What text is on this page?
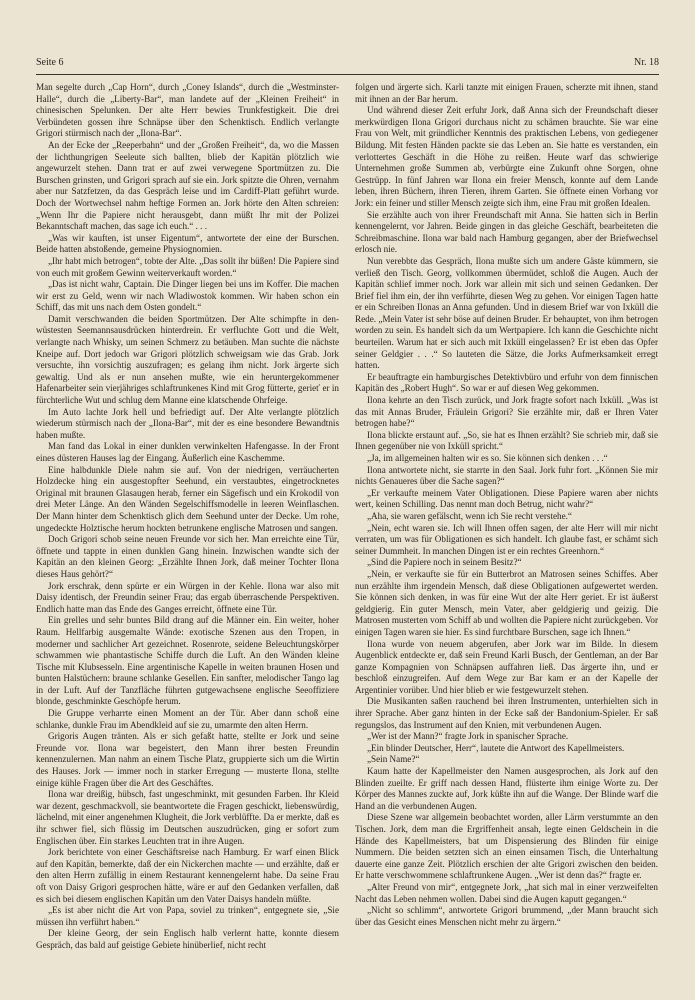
Seite 6	Nr. 18

Man segelte durch „Cap Horn“, durch „Coney Islands“, durch die „Westminster-Halle“, durch die „Liberty-Bar“, man landete auf der „Kleinen Freiheit“ in chinesischen Spelunken. Der alte Herr bewies Trunkfestigkeit. Die drei Verbündeten gossen ihre Schnäpse über den Schenktisch. Endlich verlangte Grigori stürmisch nach der „Ilona-Bar“.

An der Ecke der „Reeperbahn“ und der „Großen Freiheit“, da, wo die Massen der lichthungrigen Seeleute sich ballten, blieb der Kapitän plötzlich wie angewurzelt stehen. Dann trat er auf zwei verwegene Sportmützen zu. Die Burschen grinsten, und Grigori sprach auf sie ein. Jork spitzte die Ohren, vernahm aber nur Satzfetzen, da das Gespräch leise und im Cardiff-Platt geführt wurde. Doch der Wortwechsel nahm heftige Formen an. Jork hörte den Alten schreien: „Wenn Ihr die Papiere nicht herausgebt, dann müßt Ihr mit der Polizei Bekanntschaft machen, das sage ich euch.“ . . .

„Was wir kauften, ist unser Eigentum“, antwortete der eine der Burschen. Beide hatten abstoßende, gemeine Physiognomien.

„Ihr habt mich betrogen“, tobte der Alte. „Das sollt ihr büßen! Die Papiere sind von euch mit großem Gewinn weiterverkauft worden.“

„Das ist nicht wahr, Captain. Die Dinger liegen bei uns im Koffer. Die machen wir erst zu Geld, wenn wir nach Wladiwostok kommen. Wir haben schon ein Schiff, das mit uns nach dem Osten gondelt.“

Damit verschwanden die beiden Sportmützen. Der Alte schimpfte in den-wüstesten Seemannsausdrücken hinterdrein. Er verfluchte Gott und die Welt, verlangte nach Whisky, um seinen Schmerz zu betäuben. Man suchte die nächste Kneipe auf. Dort jedoch war Grigori plötzlich schweigsam wie das Grab. Jork versuchte, ihn vorsichtig auszufragen; es gelang ihm nicht. Jork ärgerte sich gewaltig. Und als er nun ansehen mußte, wie ein heruntergekommener Hafenarbeiter sein vierjähriges schlaftrunkenes Kind mit Grog fütterte, gerieť er in fürchterliche Wut und schlug dem Manne eine klatschende Ohrfeige.

Im Auto lachte Jork hell und befriedigt auf. Der Alte verlangte plötzlich wiederum stürmisch nach der „Ilona-Bar“, mit der es eine besondere Bewandtnis haben mußte.

Man fand das Lokal in einer dunklen verwinkelten Hafengasse. In der Front eines düsteren Hauses lag der Eingang. Äußerlich eine Kaschemme.

Eine halbdunkle Diele nahm sie auf. Von der niedrigen, verräucherten Holzdecke hing ein ausgestopfter Seehund, ein verstaubtes, eingetrocknetes Original mit braunen Glasaugen herab, ferner ein Sägefisch und ein Krokodil von drei Meter Länge. An den Wänden Segelschiffsmodelle in leeren Weinflaschen. Der Mann hinter dem Schenktisch glich dem Seehund unter der Decke. Um rohe, ungedeckte Holztische herum hockten betrunkene englische Matrosen und sangen.

Doch Grigori schob seine neuen Freunde vor sich her. Man erreichte eine Tür, öffnete und tappte in einen dunklen Gang hinein. Inzwischen wandte sich der Kapitän an den kleinen Georg: „Erzählte Ihnen Jork, daß meiner Tochter Ilona dieses Haus gehört?“

Jork erschrak, denn spürte er ein Würgen in der Kehle. Ilona war also mit Daisy identisch, der Freundin seiner Frau; das ergab überraschende Perspektiven. Endlich hatte man das Ende des Ganges erreicht, öffnete eine Tür.

Ein grelles und sehr buntes Bild drang auf die Männer ein. Ein weiter, hoher Raum. Hellfarbig ausgemalte Wände: exotische Szenen aus den Tropen, in moderner und sachlicher Art gezeichnet. Rosenrote, seidene Beleuchtungskörper schwammen wie phantastische Schiffe durch die Luft. An den Wänden kleine Tische mit Klubsesseln. Eine argentinische Kapelle in weiten braunen Hosen und bunten Halstüchern: braune schlanke Gesellen. Ein sanfter, melodischer Tango lag in der Luft. Auf der Tanzfläche führten gutgewachsene englische Seeoffiziere blonde, geschminkte Geschöpfe herum.

Die Gruppe verharrte einen Moment an der Tür. Aber dann schoß eine schlanke, dunkle Frau im Abendkleid auf sie zu, umarmte den alten Herrn.

Grigoris Augen tränten. Als er sich gefaßt hatte, stellte er Jork und seine Freunde vor. Ilona war begeistert, den Mann ihrer besten Freundin kennenzulernen. Man nahm an einem Tische Platz, gruppierte sich um die Wirtin des Hauses. Jork — immer noch in starker Erregung — musterte Ilona, stellte einige kühle Fragen über die Art des Geschäftes.

Ilona war dreißig, hübsch, fast ungeschminkt, mit gesunden Farben. Ihr Kleid war dezent, geschmackvoll, sie beantwortete die Fragen geschickt, liebenswürdig, lächelnd, mit einer angenehmen Klugheit, die Jork verblüffte. Da er merkte, daß es ihr schwer fiel, sich flüssig im Deutschen auszudrücken, ging er sofort zum Englischen über. Ein starkes Leuchten trat in ihre Augen.

Jork berichtete von einer Geschäftsreise nach Hamburg. Er warf einen Blick auf den Kapitän, bemerkte, daß der ein Nickerchen machte — und erzählte, daß er den alten Herrn zufällig in einem Restaurant kennengelernt habe. Da seine Frau oft von Daisy Grigori gesprochen hätte, wäre er auf den Gedanken verfallen, daß es sich bei diesem englischen Kapitän um den Vater Daisys handeln müßte.

„Es ist aber nicht die Art von Papa, soviel zu trinken“, entgegnete sie, „Sie müssen ihn verführt haben.“

Der kleine Georg, der sein Englisch halb verlernt hatte, konnte diesem Gespräch, das bald auf geistige Gebiete hinüberlief, nicht recht

folgen und ärgerte sich. Karli tanzte mit einigen Frauen, scherzte mit ihnen, stand mit ihnen an der Bar herum.

Und während dieser Zeit erfuhr Jork, daß Anna sich der Freundschaft dieser merkwürdigen Ilona Grigori durchaus nicht zu schämen brauchte. Sie war eine Frau von Welt, mit gründlicher Kenntnis des praktischen Lebens, von gediegener Bildung. Mit festen Händen packte sie das Leben an. Sie hatte es verstanden, ein verlottertes Geschäft in die Höhe zu reißen. Heute warf das schwierige Unternehmen große Summen ab, verbürgte eine Zukunft ohne Sorgen, ohne Gestrüpp. In fünf Jahren war Ilona ein freier Mensch, konnte auf dem Lande leben, ihren Büchern, ihren Tieren, ihrem Garten. Sie öffnete einen Vorhang vor Jork: ein feiner und stiller Mensch zeigte sich ihm, eine Frau mit großen Idealen.

Sie erzählte auch von ihrer Freundschaft mit Anna. Sie hatten sich in Berlin kennengelernt, vor Jahren. Beide gingen in das gleiche Geschäft, bearbeiteten die Schreibmaschine. Ilona war bald nach Hamburg gegangen, aber der Briefwechsel erlosch nie.

Nun verebbte das Gespräch, Ilona mußte sich um andere Gäste kümmern, sie verließ den Tisch. Georg, vollkommen übermüdet, schloß die Augen. Auch der Kapitän schlief immer noch. Jork war allein mit sich und seinen Gedanken. Der Brief fiel ihm ein, der ihn verführte, diesen Weg zu gehen. Vor einigen Tagen hatte er ein Schreiben Ilonas an Anna gefunden. Und in diesem Brief war von Ixküll die Rede. „Mein Vater ist sehr böse auf deinen Bruder. Er behauptet, von ihm betrogen worden zu sein. Es handelt sich da um Wertpapiere. Ich kann die Geschichte nicht beurteilen. Warum hat er sich auch mit Ixküll eingelassen? Er ist eben das Opfer seiner Geldgier . . .“ So lauteten die Sätze, die Jorks Aufmerksamkeit erregt hatten.

Er beauftragte ein hamburgisches Detektivbüro und erfuhr von dem finnischen Kapitän des „Robert Hugh“. So war er auf diesen Weg gekommen.

Ilona kehrte an den Tisch zurück, und Jork fragte sofort nach Ixküll. „Was ist das mit Annas Bruder, Fräulein Grigori? Sie erzählte mir, daß er Ihren Vater betrogen habe?“

Ilona blickte erstaunt auf. „So, sie hat es Ihnen erzählt? Sie schrieb mir, daß sie Ihnen gegenüber nie von Ixküll spricht.“

„Ja, im allgemeinen halten wir es so. Sie können sich denken . . .“

Ilona antwortete nicht, sie starrte in den Saal. Jork fuhr fort. „Können Sie mir nichts Genaueres über die Sache sagen?“

„Er verkaufte meinem Vater Obligationen. Diese Papiere waren aber nichts wert, keinen Schilling. Das nennt man doch Betrug, nicht wahr?“

„Aha, sie waren gefälscht, wenn ich Sie recht verstehe.“

„Nein, echt waren sie. Ich will Ihnen offen sagen, der alte Herr will mir nicht verraten, um was für Obligationen es sich handelt. Ich glaube fast, er schämt sich seiner Dummheit. In manchen Dingen ist er ein rechtes Greenhorn.“

„Sind die Papiere noch in seinem Besitz?“

„Nein, er verkaufte sie für ein Butterbrot an Matrosen seines Schiffes. Aber nun erzählte ihm irgendein Mensch, daß diese Obligationen aufgewertet werden. Sie können sich denken, in was für eine Wut der alte Herr geriet. Er ist äußerst geldgierig. Ein guter Mensch, mein Vater, aber geldgierig und geizig. Die Matrosen musterten vom Schiff ab und wollten die Papiere nicht zurückgeben. Vor einigen Tagen waren sie hier. Es sind furchtbare Burschen, sage ich Ihnen.“

Ilona wurde von neuem abgerufen, aber Jork war im Bilde. In diesem Augenblick entdeckte er, daß sein Freund Karli Busch, der Gentleman, an der Bar ganze Kompagnien von Schnäpsen auffahren ließ. Das ärgerte ihn, und er beschloß einzugreifen. Auf dem Wege zur Bar kam er an der Kapelle der Argentinier vorüber. Und hier blieb er wie festgewurzelt stehen.

Die Musikanten saßen rauchend bei ihren Instrumenten, unterhielten sich in ihrer Sprache. Aber ganz hinten in der Ecke saß der Bandonium-Spieler. Er saß regungslos, das Instrument auf den Knien, mit verbundenen Augen.

„Wer ist der Mann?“ fragte Jork in spanischer Sprache.

„Ein blinder Deutscher, Herr“, lautete die Antwort des Kapellmeisters.

„Sein Name?“

Kaum hatte der Kapellmeister den Namen ausgesprochen, als Jork auf den Blinden zueilte. Er griff nach dessen Hand, flüsterte ihm einige Worte zu. Der Körper des Mannes zuckte auf, Jork küßte ihn auf die Wange. Der Blinde warf die Hand an die verbundenen Augen.

Diese Szene war allgemein beobachtet worden, aller Lärm verstummte an den Tischen. Jork, dem man die Ergriffenheit ansah, legte einen Geldschein in die Hände des Kapellmeisters, bat um Dispensierung des Blinden für einige Nummern. Die beiden setzten sich an einen einsamen Tisch, die Unterhaltung dauerte eine ganze Zeit. Plötzlich erschien der alte Grigori zwischen den beiden. Er hatte verschwommene schlaftrunkene Augen. „Wer ist denn das?“ fragte er.

„Alter Freund von mir“, entgegnete Jork, „hat sich mal in einer verzweifelten Nacht das Leben nehmen wollen. Dabei sind die Augen kaputt gegangen.“

„Nicht so schlimm“, antwortete Grigori brummend, „der Mann braucht sich über das Gesicht eines Menschen nicht mehr zu ärgern.“
